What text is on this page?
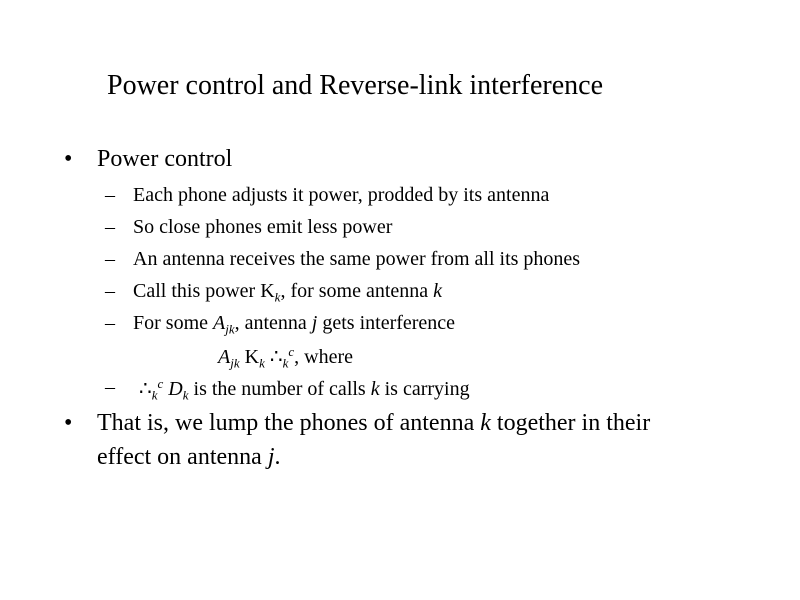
Power control and Reverse-link interference
• Power control
– Each phone adjusts it power, prodded by its antenna
– So close phones emit less power
– An antenna receives the same power from all its phones
– Call this power $K_k$, for some antenna k
– For some $A_{jk}$, antenna j gets interference
$A_{jk}$ $K_k$ $\therefore_k^c$, where
– $\therefore_k^c$ $D_k$ is the number of calls k is carrying
• That is, we lump the phones of antenna k together in their
effect on antenna j.
